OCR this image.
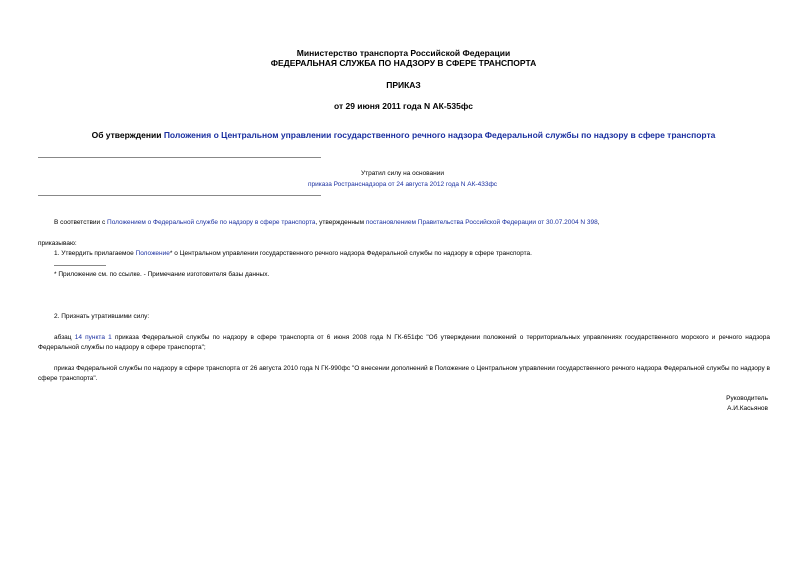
Министерство транспорта Российской Федерации
ФЕДЕРАЛЬНАЯ СЛУЖБА ПО НАДЗОРУ В СФЕРЕ ТРАНСПОРТА
ПРИКАЗ
от 29 июня 2011 года N АК-535фс
Об утверждении Положения о Центральном управлении государственного речного надзора Федеральной службы по надзору в сфере транспорта
Утратил силу на основании
приказа Ространснадзора от 24 августа 2012 года N АК-433фс
В соответствии с Положением о Федеральной службе по надзору в сфере транспорта, утвержденным постановлением Правительства Российской Федерации от 30.07.2004 N 398,
приказываю:
1. Утвердить прилагаемое Положение* о Центральном управлении государственного речного надзора Федеральной службы по надзору в сфере транспорта.
* Приложение см. по ссылке. - Примечание изготовителя базы данных.
2. Признать утратившими силу:
абзац 14 пункта 1 приказа Федеральной службы по надзору в сфере транспорта от 6 июня 2008 года N ГК-651фс "Об утверждении положений о территориальных управлениях государственного морского и речного надзора Федеральной службы по надзору в сфере транспорта";
приказ Федеральной службы по надзору в сфере транспорта от 26 августа 2010 года N ГК-990фс "О внесении дополнений в Положение о Центральном управлении государственного речного надзора Федеральной службы по надзору в сфере транспорта".
Руководитель
А.И.Касьянов
